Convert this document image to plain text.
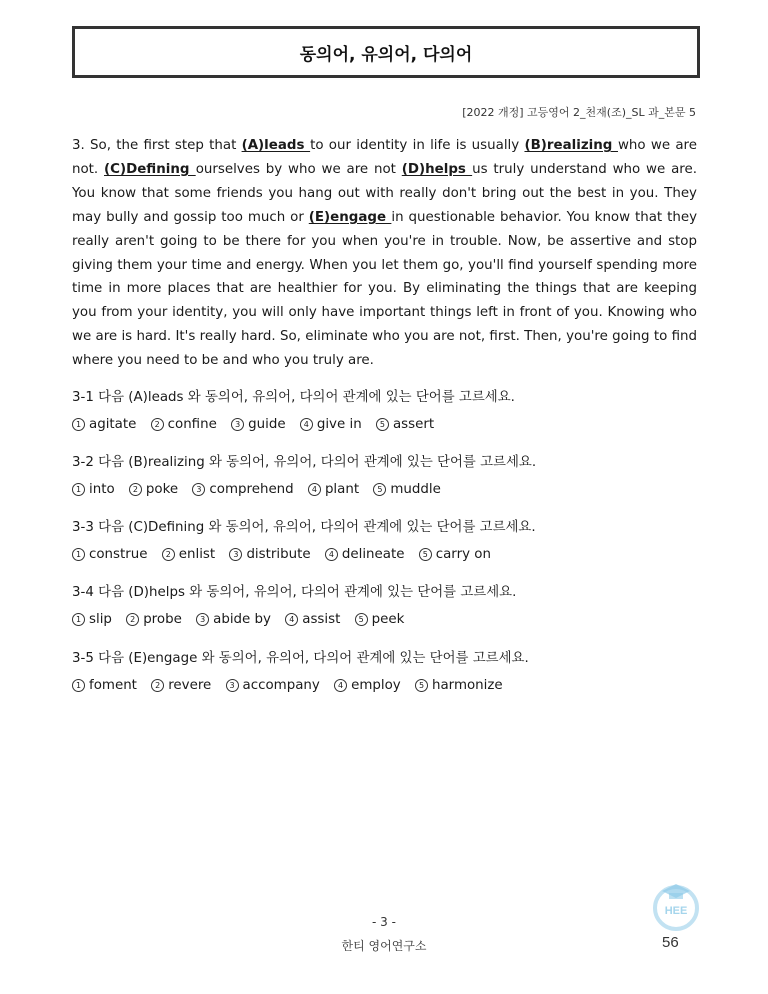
동의어, 유의어, 다의어
[2022 개정] 고등영어 2_천재(조)_SL 과_본문 5
3. So, the first step that (A)leads to our identity in life is usually (B)realizing who we are not. (C)Defining ourselves by who we are not (D)helps us truly understand who we are. You know that some friends you hang out with really don't bring out the best in you. They may bully and gossip too much or (E)engage in questionable behavior. You know that they really aren't going to be there for you when you're in trouble. Now, be assertive and stop giving them your time and energy. When you let them go, you'll find yourself spending more time in more places that are healthier for you. By eliminating the things that are keeping you from your identity, you will only have important things left in front of you. Knowing who we are is hard. It's really hard. So, eliminate who you are not, first. Then, you're going to find where you need to be and who you truly are.
3-1 다음 (A)leads 와 동의어, 유의어, 다의어 관계에 있는 단어를 고르세요.
1 agitate 2 confine 3 guide 4 give in 5 assert
3-2 다음 (B)realizing 와 동의어, 유의어, 다의어 관계에 있는 단어를 고르세요.
1 into 2 poke 3 comprehend 4 plant 5 muddle
3-3 다음 (C)Defining 와 동의어, 유의어, 다의어 관계에 있는 단어를 고르세요.
1 construe 2 enlist 3 distribute 4 delineate 5 carry on
3-4 다음 (D)helps 와 동의어, 유의어, 다의어 관계에 있는 단어를 고르세요.
1 slip 2 probe 3 abide by 4 assist 5 peek
3-5 다음 (E)engage 와 동의어, 유의어, 다의어 관계에 있는 단어를 고르세요.
1 foment 2 revere 3 accompany 4 employ 5 harmonize
HEE
- 3 -
한티 영어연구소	56
